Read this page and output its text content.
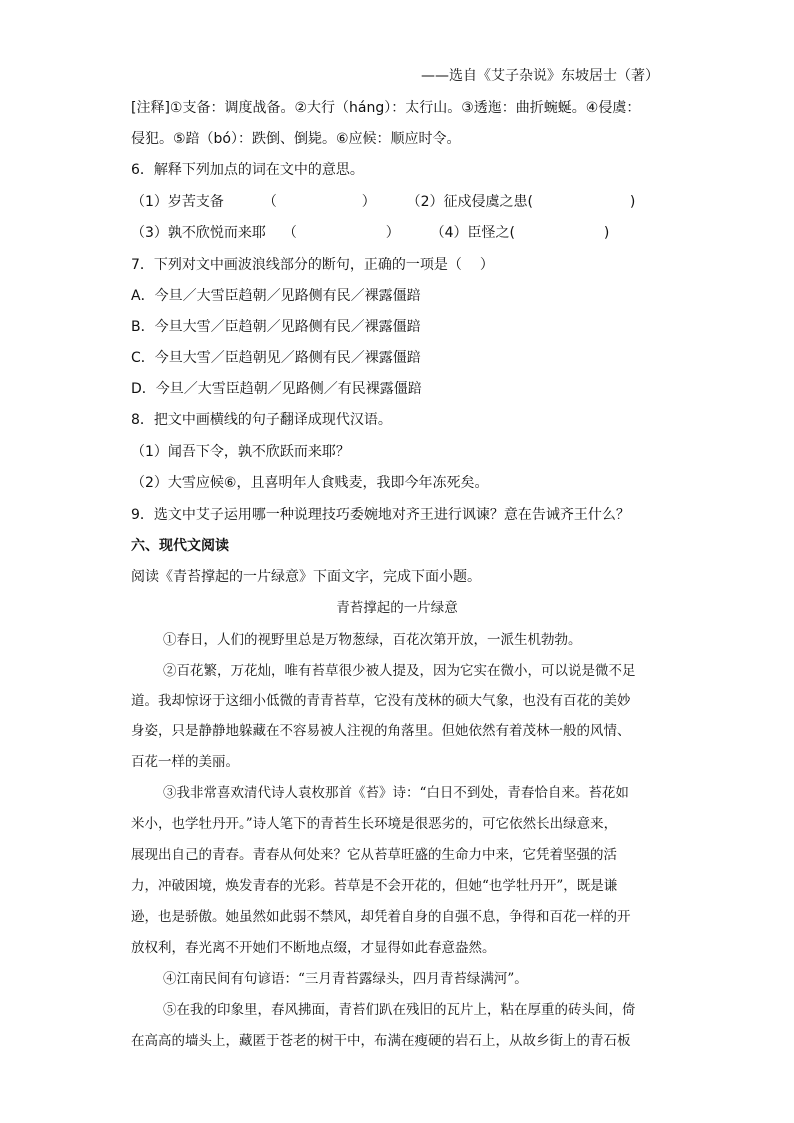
——选自《艾子杂说》东坡居士（著）
[注释]①支备：调度战备。②大行（háng）：太行山。③透迤：曲折蜿蜒。④侵虞：
侵犯。⑤踣（bó）：跌倒、倒毙。⑥应候：顺应时令。
6．解释下列加点的词在文中的意思。
（1）岁苦支备	（	） （2）征戍侵虞之患(	)
（3）孰不欣悦而来耶 （	） （4）臣怪之(	)
7．下列对文中画波浪线部分的断句，正确的一项是（ ）
A．今旦／大雪臣趋朝／见路侧有民／裸露僵踣
B．今旦大雪／臣趋朝／见路侧有民／裸露僵踣
C．今旦大雪／臣趋朝见／路侧有民／裸露僵踣
D．今旦／大雪臣趋朝／见路侧／有民裸露僵踣
8．把文中画横线的句子翻译成现代汉语。
（1）闻吾下令，孰不欣跃而来耶？
（2）大雪应候⑥，且喜明年人食贱麦，我即今年冻死矣。
9．选文中艾子运用哪一种说理技巧委婉地对齐王进行讽谏？意在告诫齐王什么？
六、现代文阅读
阅读《青苔撑起的一片绿意》下面文字，完成下面小题。
青苔撑起的一片绿意
①春日，人们的视野里总是万物葱绿，百花次第开放，一派生机勃勃。
②百花繁，万花灿，唯有苔草很少被人提及，因为它实在微小，可以说是微不足
道。我却惊讶于这细小低微的青青苔草，它没有茂林的硕大气象，也没有百花的美妙
身姿，只是静静地躲藏在不容易被人注视的角落里。但她依然有着茂林一般的风情、
百花一样的美丽。
③我非常喜欢清代诗人袁枚那首《苔》诗：“白日不到处，青春恰自来。苔花如
米小，也学牡丹开。”诗人笔下的青苔生长环境是很恶劣的，可它依然长出绿意来，
展现出自己的青春。青春从何处来？它从苔草旺盛的生命力中来，它凭着坚强的活
力，冲破困境，焕发青春的光彩。苔草是不会开花的，但她“也学牡丹开”，既是谦
逊，也是骄傲。她虽然如此弱不禁风，却凭着自身的自强不息，争得和百花一样的开
放权利，春光离不开她们不断地点缀，才显得如此春意盎然。
④江南民间有句谚语：“三月青苔露绿头，四月青苔绿满河”。
⑤在我的印象里，春风拂面，青苔们趴在残旧的瓦片上，粘在厚重的砖头间，倚
在高高的墙头上，藏匿于苍老的树干中，布满在瘦硬的岩石上，从故乡街上的青石板
